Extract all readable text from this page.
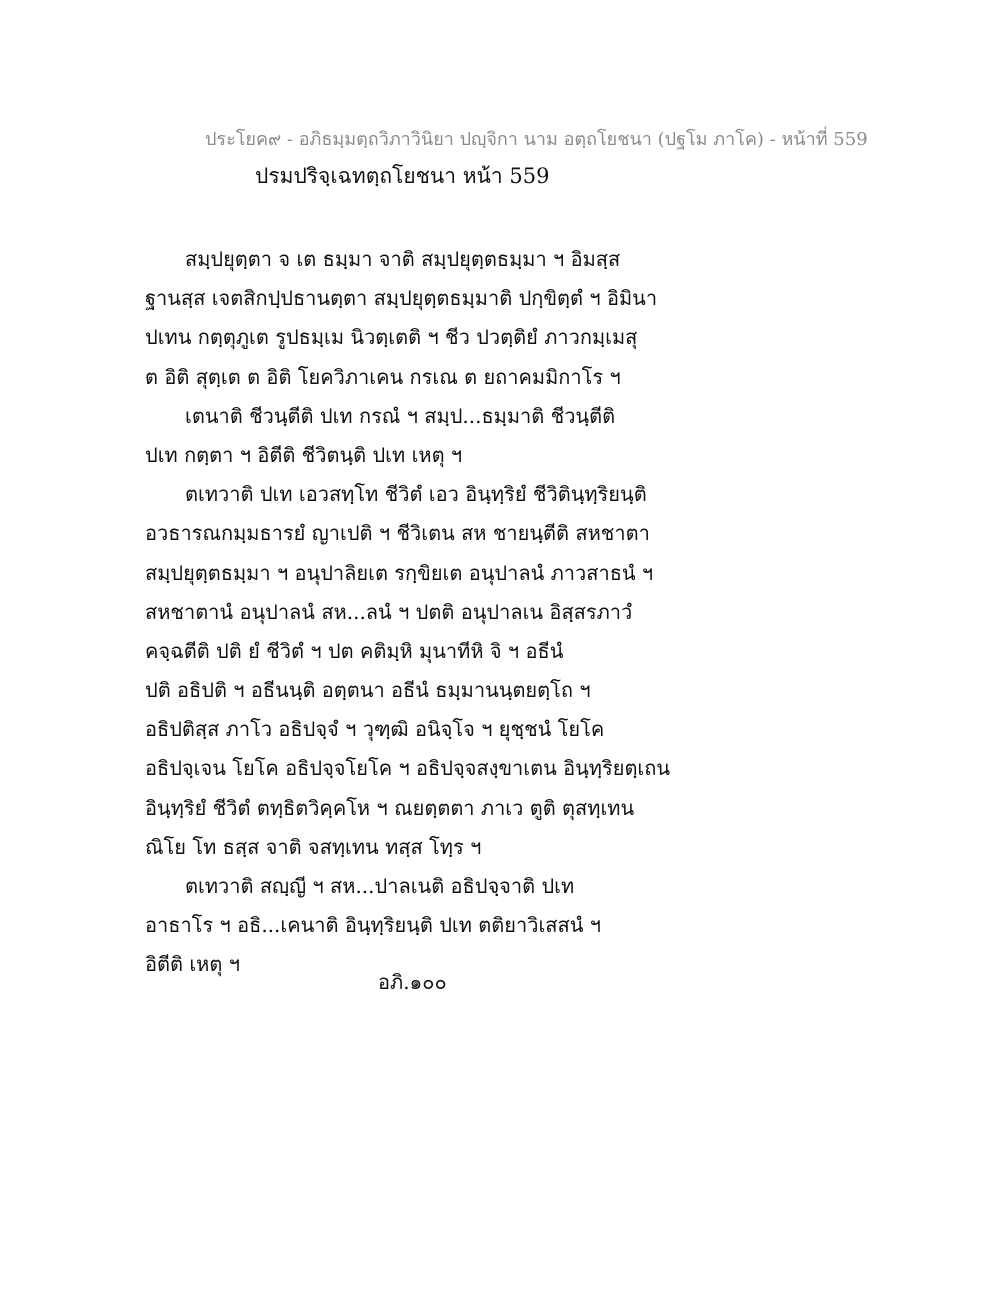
ประโยค๙ - อภิธมฺมตฺถวิภาวินิยา ปญฺจิกา นาม อตฺถโยชนา (ปฐโม ภาโค) - หน้าที่ 559
ปรมปริจฺเฉทตฺถโยชนา หน้า 559
สมฺปยุตฺตา จ เต ธมฺมา จาติ สมฺปยุตฺตธมฺมา ฯ อิมสฺส
ฐานสฺส เจตสิกปฺปธานตฺตา สมฺปยุตฺตธมฺมาติ ปกฺขิตฺตํ ฯ อิมินา
ปเทน กตฺตุภูเต รูปธมฺเม นิวตฺเตติ ฯ ชีว ปวตฺติยํ ภาวกมฺเมสุ
ต อิติ สุตฺเต ต อิติ โยควิภาเคน กรเณ ต ยถาคมมิกาโร ฯ
เตนาติ ชีวนฺตีติ ปเท กรณํ ฯ สมฺป...ธมฺมาติ ชีวนฺตีติ
ปเท กตฺตา ฯ อิตีติ ชีวิตนฺติ ปเท เหตุ ฯ
ตเทวาติ ปเท เอวสทฺโท ชีวิตํ เอว อินฺทฺริยํ ชีวิตินฺทฺริยนฺติ
อวธารณกมฺมธารยํ ญาเปติ ฯ ชีวิเตน สห ชายนฺตีติ สหชาตา
สมฺปยุตฺตธมฺมา ฯ อนุปาลิยเต รกฺขิยเต อนุปาลนํ ภาวสาธนํ ฯ
สหชาตานํ อนุปาลนํ สห...ลนํ ฯ ปตติ อนุปาลเน อิสฺสรภาวํ
คจฺฉตีติ ปติ ยํ ชีวิตํ ฯ ปต คติมฺหิ มุนาทีหิ จิ ฯ อธีนํ
ปติ อธิปติ ฯ อธีนนฺติ อตฺตนา อธีนํ ธมฺมานนฺตยตฺโถ ฯ
อธิปติสฺส ภาโว อธิปจฺจํ ฯ วุฑฺฒิ อนิจฺโจ ฯ ยุชฺชนํ โยโค
อธิปจฺเจน โยโค อธิปจฺจโยโค ฯ อธิปจฺจสงฺขาเตน อินฺทฺริยตฺเถน
อินฺทฺริยํ ชีวิตํ ตทฺธิตวิคฺคโห ฯ ณยตฺตตา ภาเว ตูติ ตุสทฺเทน
ณิโย โท ธสฺส จาติ จสทฺเทน ทสฺส โทฺร ฯ
ตเทวาติ สญฺญี ฯ สห...ปาลเนติ อธิปจฺจาติ ปเท
อาธาโร ฯ อธิ...เคนาติ อินฺทฺริยนฺติ ปเท ตติยาวิเสสนํ ฯ
อิตีติ เหตุ ฯ
อภิ.๑๐๐
